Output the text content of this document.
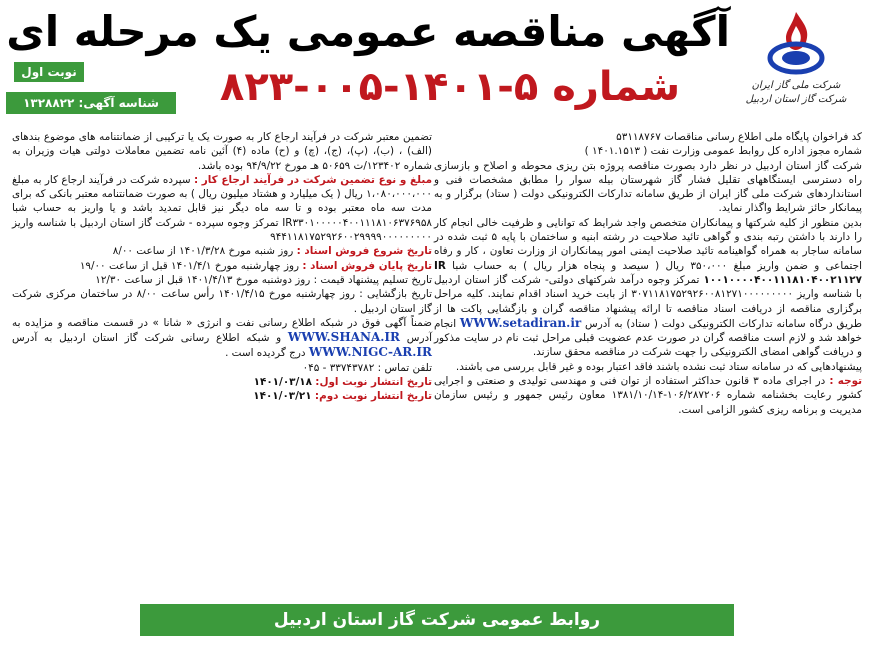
شرکت ملی گاز ایران
شرکت گاز استان اردبیل
آگهی مناقصه عمومی یک مرحله ای
شماره ۵-۱۴۰۱-۰۰۵-۸۲۳
نوبت اول
شناسه آگهی: ۱۳۲۸۸۲۲

کد فراخوان پایگاه ملی اطلاع رسانی مناقصات ۵۳۱۱۸۷۶۷

شماره مجوز اداره کل روابط عمومی وزارت نفت ( ۱۴۰۱.۱۵۱۳ )

شرکت گاز استان اردبیل در نظر دارد بصورت مناقصه پروژه بتن ریزی محوطه و اصلاح و بازسازی راه دسترسی ایستگاههای تقلیل فشار گاز شهرستان بیله سوار را مطابق مشخصات فنی و استانداردهای شرکت ملی گاز ایران از طریق سامانه تدارکات الکترونیکی دولت ( ستاد) برگزار و به پیمانکار حائز شرایط واگذار نماید.

بدین منظور از کلیه شرکتها و پیمانکاران متخصص واجد شرایط که توانایی و ظرفیت خالی انجام کار را دارند با داشتن رتبه بندی و گواهی تائید صلاحیت در رشته ابنیه و ساختمان با پایه ۵ ثبت شده در سامانه ساجار به همراه گواهینامه تائید صلاحیت ایمنی امور پیمانکاران از وزارت تعاون ، کار و رفاه اجتماعی و ضمن واریز مبلغ ۳۵۰،۰۰۰ ریال ( سیصد و پنجاه هزار ریال ) به حساب شبا IR ۱۰۰۱۰۰۰۰۴۰۰۱۱۱۸۱۰۴۰۰۲۱۱۲۷ تمرکز وجوه درآمد شرکتهای دولتی- شرکت گاز استان اردبیل با شناسه واریز ۳۰۷۱۱۸۱۷۵۲۹۲۶۰۰۸۱۲۷۱۰۰۰۰۰۰۰۰۰ از بابت خرید اسناد اقدام نمایند. کلیه مراحل برگزاری مناقصه از دریافت اسناد مناقصه تا ارائه پیشنهاد مناقصه گران و بازگشایی پاکت ها از طریق درگاه سامانه تدارکات الکترونیکی دولت ( ستاد) به آدرس WWW.setadiran.ir انجام خواهد شد و لازم است مناقصه گران در صورت عدم عضویت قبلی مراحل ثبت نام در سایت مذکور و دریافت گواهی امضای الکترونیکی را جهت شرکت در مناقصه محقق سازند.

پیشنهادهایی که در سامانه ستاد ثبت نشده باشند فاقد اعتبار بوده و غیر قابل بررسی می باشند.

توجه : در اجرای ماده ۳ قانون حداکثر استفاده از توان فنی و مهندسی تولیدی و صنعتی و اجرایی کشور رعایت بخشنامه شماره ۱۰۶/۲۸۷۲۰۶-۱۳۸۱/۱۰/۱۴ معاون رئیس جمهور و رئیس سازمان مدیریت و برنامه ریزی کشور الزامی است.

تضمین معتبر شرکت در فرآیند ارجاع کار به صورت یک یا ترکیبی از ضمانتنامه های موضوع بندهای (الف) ، (ب)، (پ)، (ج)، (چ) و (ح) ماده (۴) آئین نامه تضمین معاملات دولتی هیات وزیران به شماره ۱۲۳۴۰۲/ت ۵۰۶۵۹ هـ مورخ ۹۴/۹/۲۲ بوده باشد.

مبلغ و نوع تضمین شرکت در فرآیند ارجاع کار : سپرده شرکت در فرآیند ارجاع کار به مبلغ ۱،۰۸۰،۰۰۰،۰۰۰ ریال ( یک میلیارد و هشتاد میلیون ریال ) به صورت ضمانتنامه معتبر بانکی که برای مدت سه ماه معتبر بوده و تا سه ماه دیگر نیز قابل تمدید باشد و یا واریز به حساب شبا IR۳۳۰۱۰۰۰۰۰۴۰۰۱۱۱۸۱۰۶۳۷۶۹۵۸ تمرکز وجوه سپرده - شرکت گاز استان اردبیل با شناسه واریز ۹۴۴۱۱۸۱۷۵۲۹۲۶۰۰۲۹۹۹۹۰۰۰۰۰۰۰۰۰

تاریخ شروع فروش اسناد : روز شنبه مورخ ۱۴۰۱/۳/۲۸ از ساعت ۸/۰۰

تاریخ پایان فروش اسناد : روز چهارشنبه مورخ ۱۴۰۱/۴/۱ قبل از ساعت ۱۹/۰۰

تاریخ تسلیم پیشنهاد قیمت : روز دوشنبه مورخ ۱۴۰۱/۴/۱۳ قبل از ساعت ۱۲/۳۰

تاریخ بازگشایی : روز چهارشنبه مورخ ۱۴۰۱/۴/۱۵ رأس ساعت ۸/۰۰ در ساختمان مرکزی شرکت گاز استان اردبیل .

ضمناً آگهی فوق در شبکه اطلاع رسانی نفت و انرژی « شانا » در قسمت مناقصه و مزایده به آدرس WWW.SHANA.IR و شبکه اطلاع رسانی شرکت گاز استان اردبیل به آدرس WWW.NIGC-AR.IR درج گردیده است .

تلفن تماس : ۳۳۷۴۳۷۸۲ - ۰۴۵

تاریخ انتشار نوبت اول: ۱۴۰۱/۰۳/۱۸

تاریخ انتشار نوبت دوم: ۱۴۰۱/۰۳/۲۱

روابط عمومی شرکت گاز استان اردبیل
